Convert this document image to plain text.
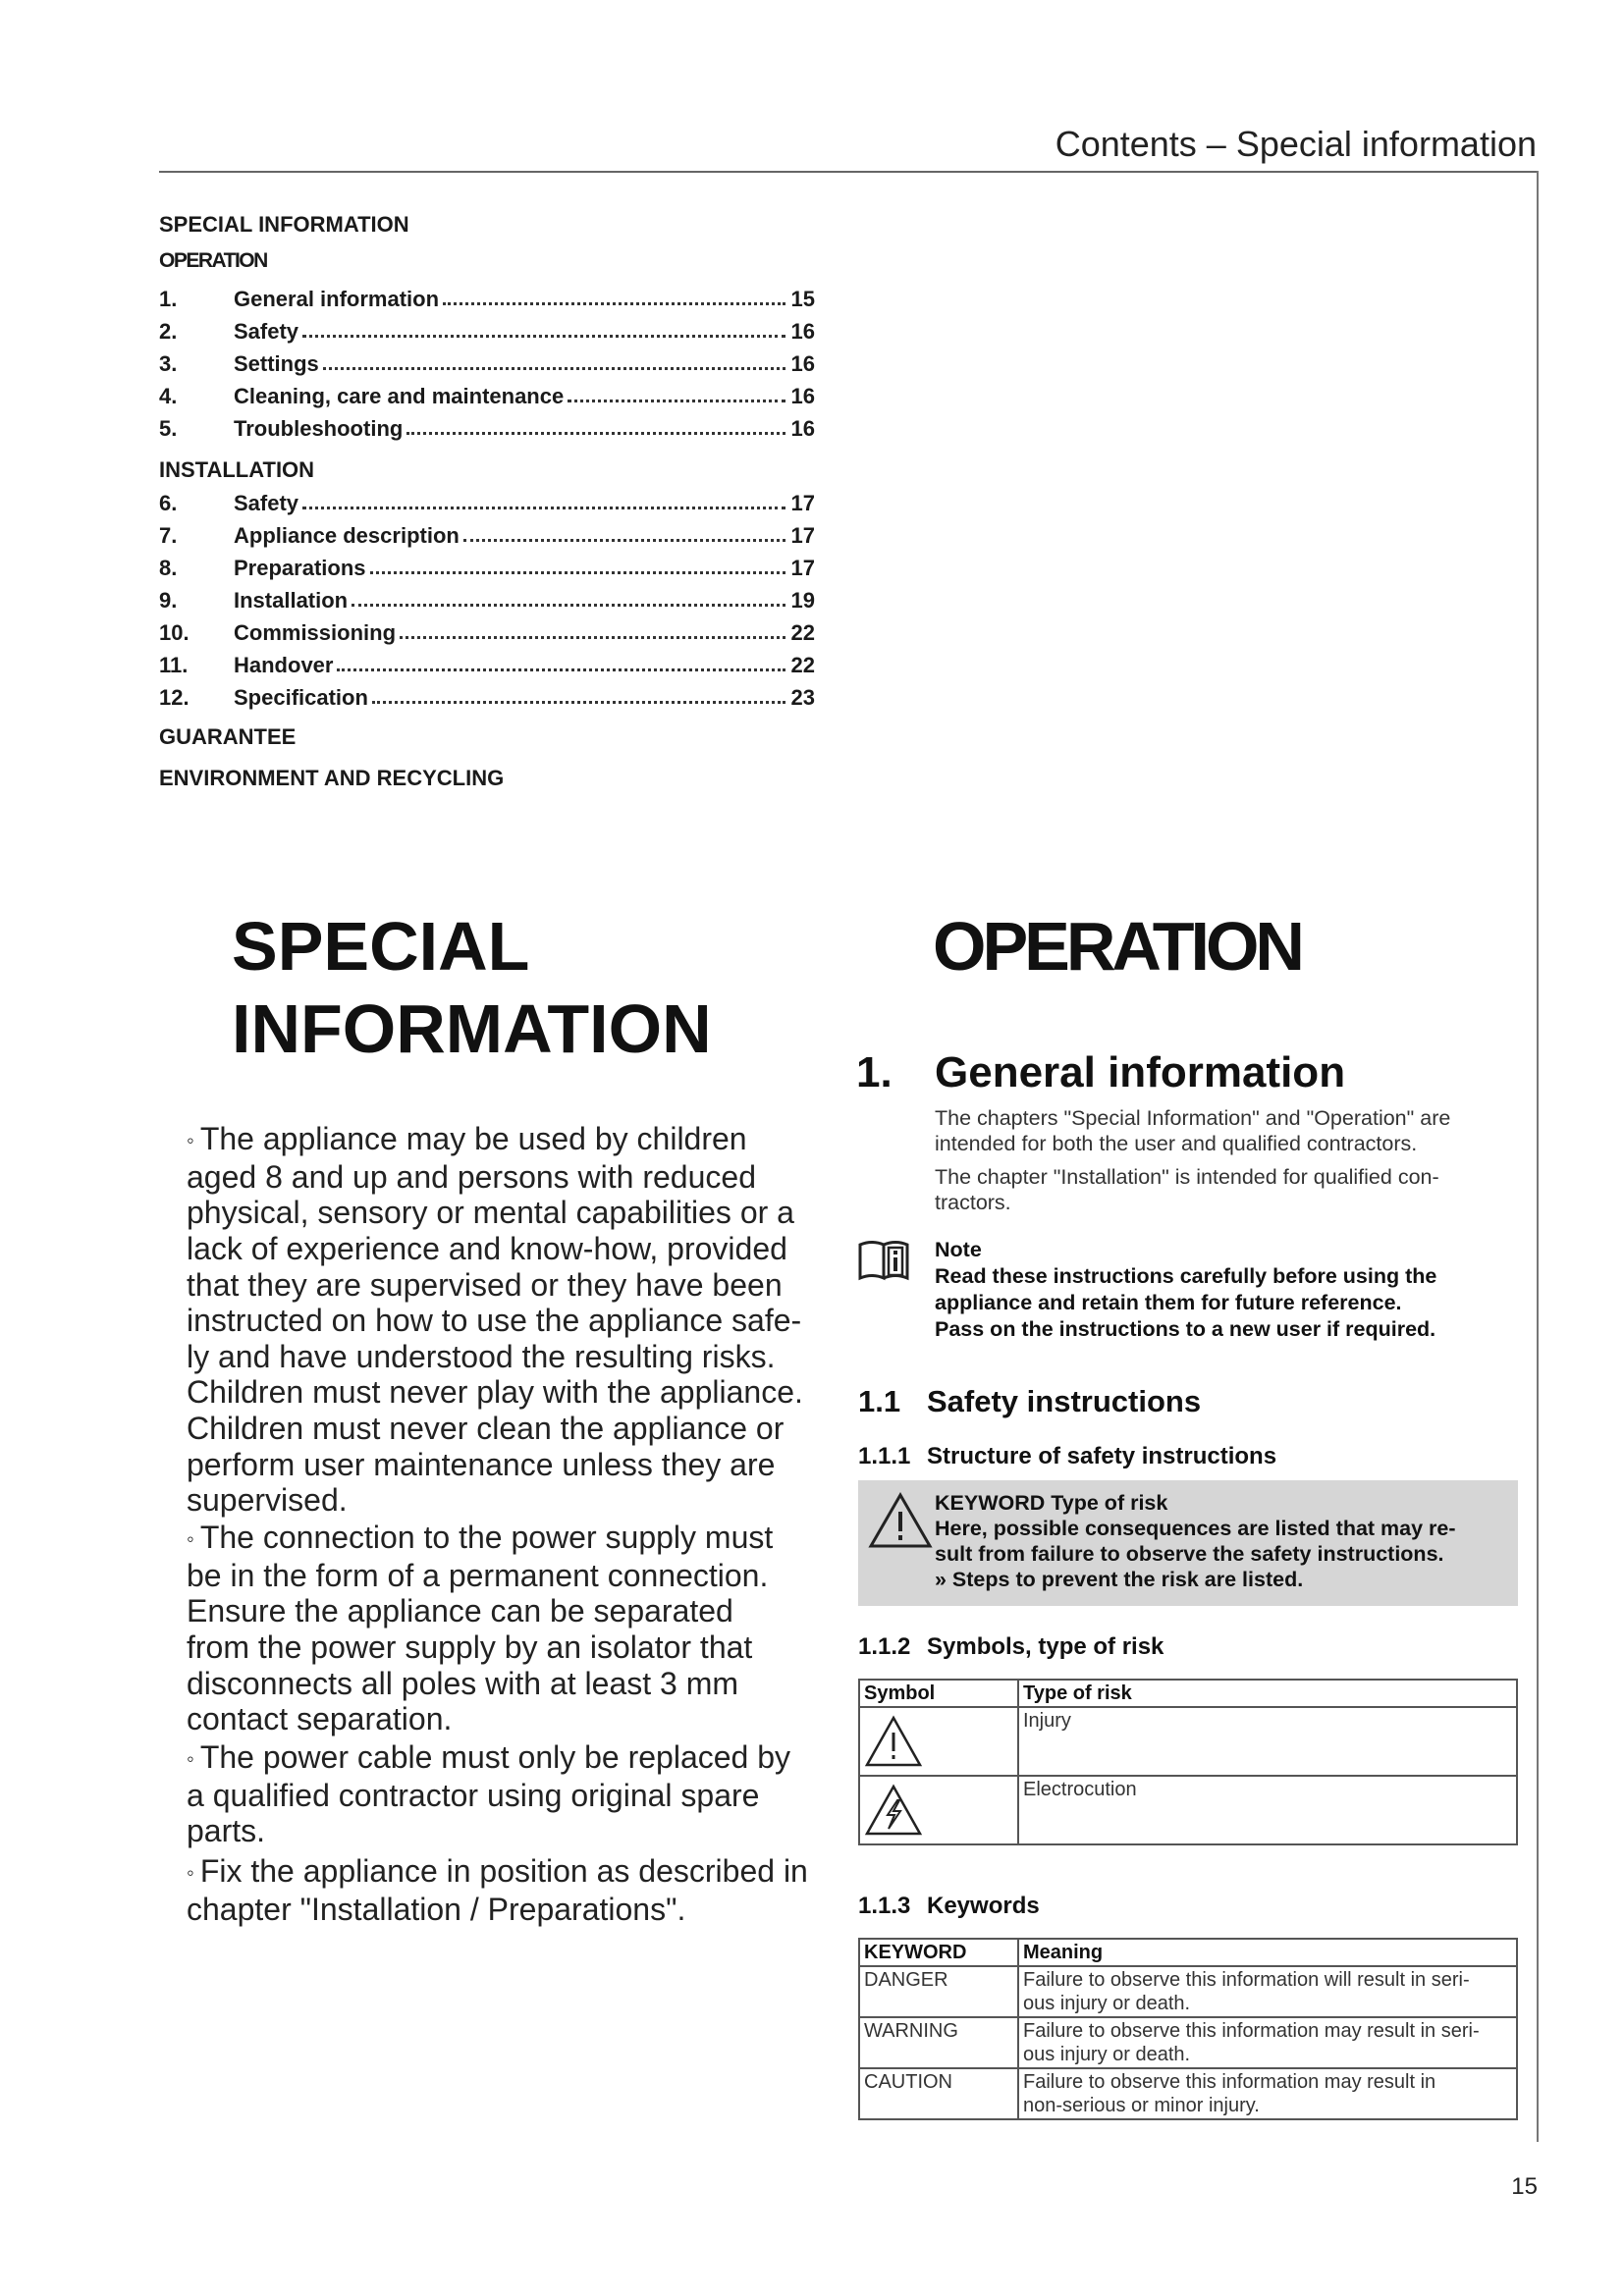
Contents – Special information
SPECIAL INFORMATION
OPERATION
1.	General information	15
2.	Safety	16
3.	Settings	16
4.	Cleaning, care and maintenance	16
5.	Troubleshooting	16
INSTALLATION
6.	Safety	17
7.	Appliance description	17
8.	Preparations	17
9.	Installation	19
10.	Commissioning	22
11.	Handover	22
12.	Specification	23
GUARANTEE
ENVIRONMENT AND RECYCLING
SPECIAL
INFORMATION
◦ The appliance may be used by children
aged 8 and up and persons with reduced
physical, sensory or mental capabilities or a
lack of experience and know-how, provided
that they are supervised or they have been
instructed on how to use the appliance safe-
ly and have understood the resulting risks.
Children must never play with the appliance.
Children must never clean the appliance or
perform user maintenance unless they are
supervised.
◦ The connection to the power supply must
be in the form of a permanent connection.
Ensure the appliance can be separated
from the power supply by an isolator that
disconnects all poles with at least 3 mm
contact separation.
◦ The power cable must only be replaced by
a qualified contractor using original spare
parts.
◦ Fix the appliance in position as described in
chapter "Installation / Preparations".
OPERATION
1. General information
The chapters "Special Information" and "Operation" are
intended for both the user and qualified contractors.
The chapter "Installation" is intended for qualified con-
tractors.
Note
Read these instructions carefully before using the
appliance and retain them for future reference.
Pass on the instructions to a new user if required.
1.1 Safety instructions
1.1.1 Structure of safety instructions
KEYWORD Type of risk
Here, possible consequences are listed that may re-
sult from failure to observe the safety instructions.
» Steps to prevent the risk are listed.
1.1.2 Symbols, type of risk
Symbol	Type of risk
	Injury
	Electrocution
1.1.3 Keywords
KEYWORD	Meaning
DANGER	Failure to observe this information will result in seri-
ous injury or death.

WARNING	Failure to observe this information may result in seri-
ous injury or death.

CAUTION	Failure to observe this information may result in
non-serious or minor injury.
15
